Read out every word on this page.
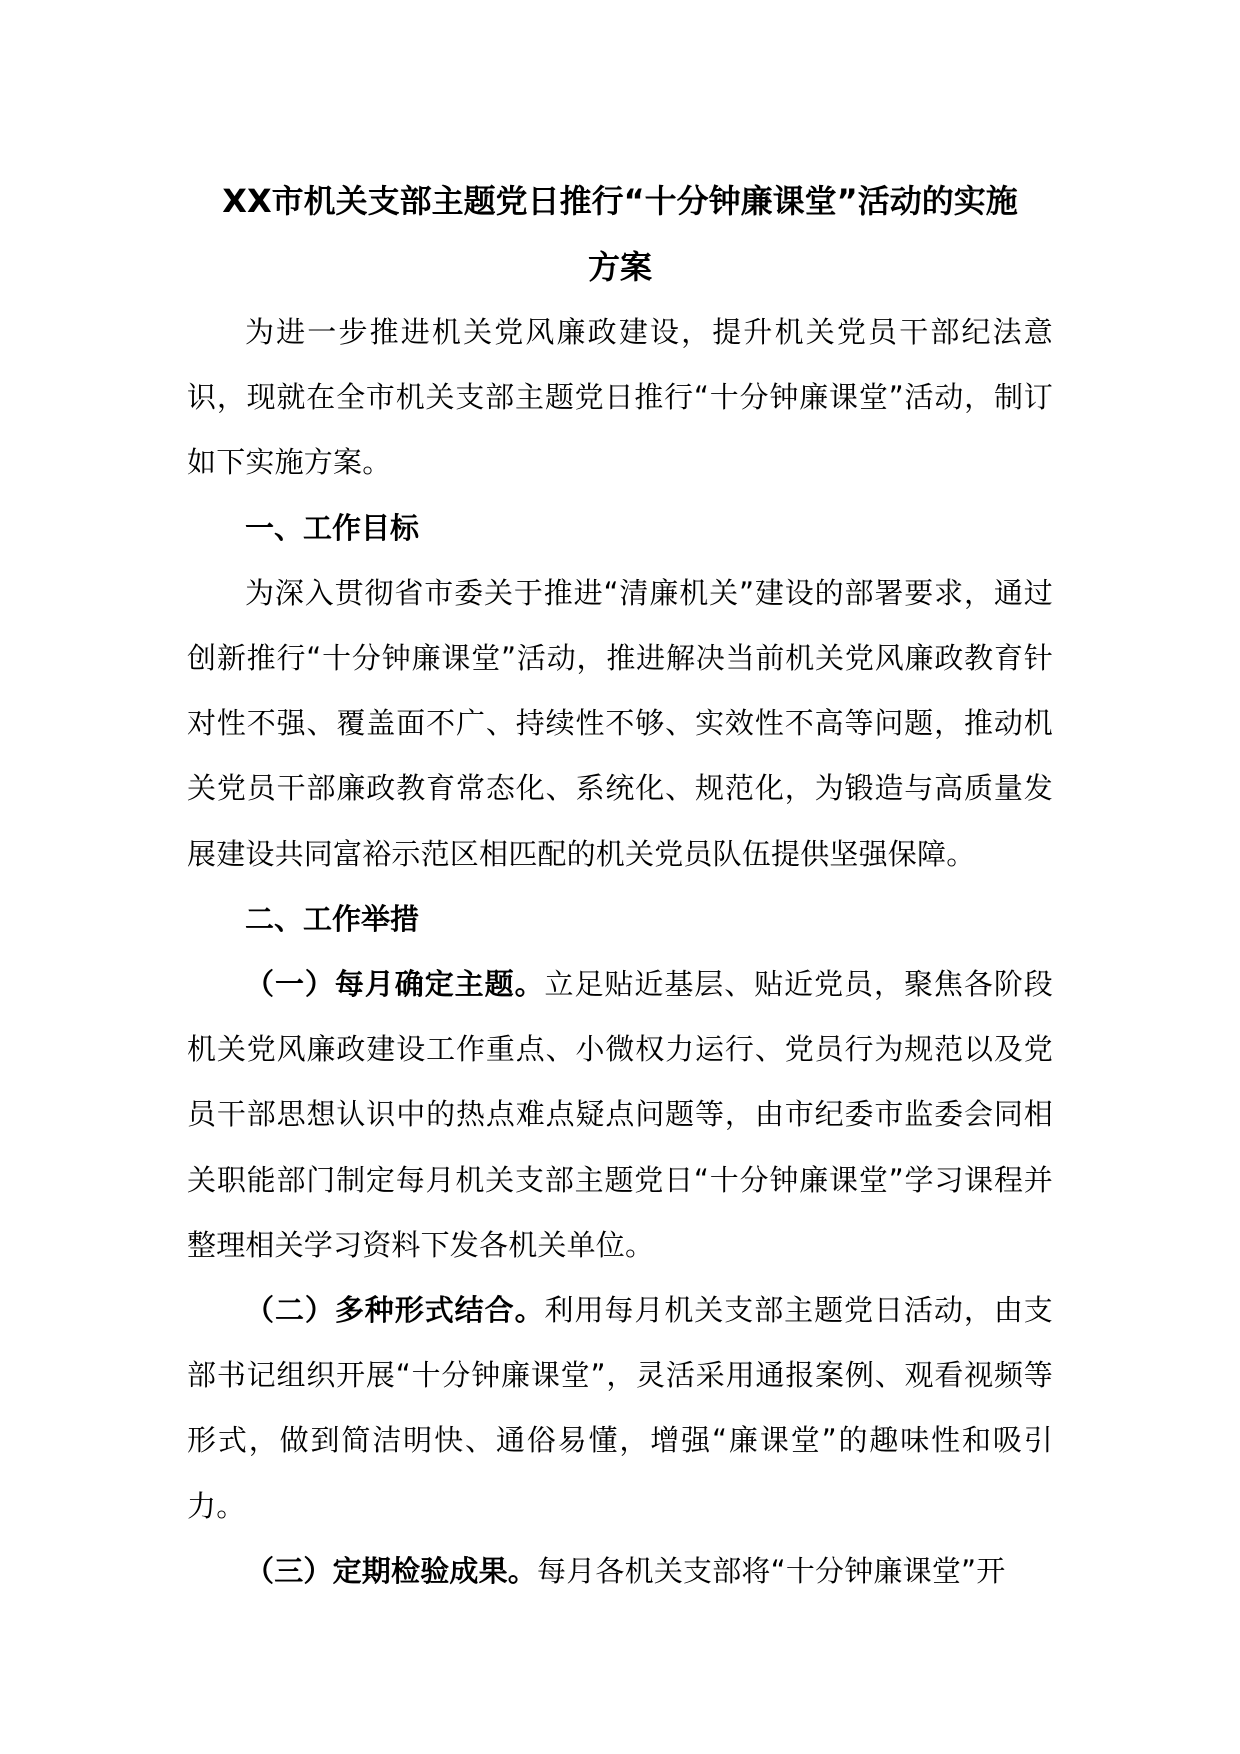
XX市机关支部主题党日推行“十分钟廉课堂”活动的实施
方案

为进一步推进机关党风廉政建设，提升机关党员干部纪法意识，现就在全市机关支部主题党日推行“十分钟廉课堂”活动，制订如下实施方案。

一、工作目标

为深入贯彻省市委关于推进“清廉机关”建设的部署要求，通过创新推行“十分钟廉课堂”活动，推进解决当前机关党风廉政教育针对性不强、覆盖面不广、持续性不够、实效性不高等问题，推动机关党员干部廉政教育常态化、系统化、规范化，为锻造与高质量发展建设共同富裕示范区相匹配的机关党员队伍提供坚强保障。

二、工作举措

（一）每月确定主题。立足贴近基层、贴近党员，聚焦各阶段机关党风廉政建设工作重点、小微权力运行、党员行为规范以及党员干部思想认识中的热点难点疑点问题等，由市纪委市监委会同相关职能部门制定每月机关支部主题党日“十分钟廉课堂”学习课程并整理相关学习资料下发各机关单位。

（二）多种形式结合。利用每月机关支部主题党日活动，由支部书记组织开展“十分钟廉课堂”，灵活采用通报案例、观看视频等形式，做到简洁明快、通俗易懂，增强“廉课堂”的趣味性和吸引力。

（三）定期检验成果。每月各机关支部将“十分钟廉课堂”开
